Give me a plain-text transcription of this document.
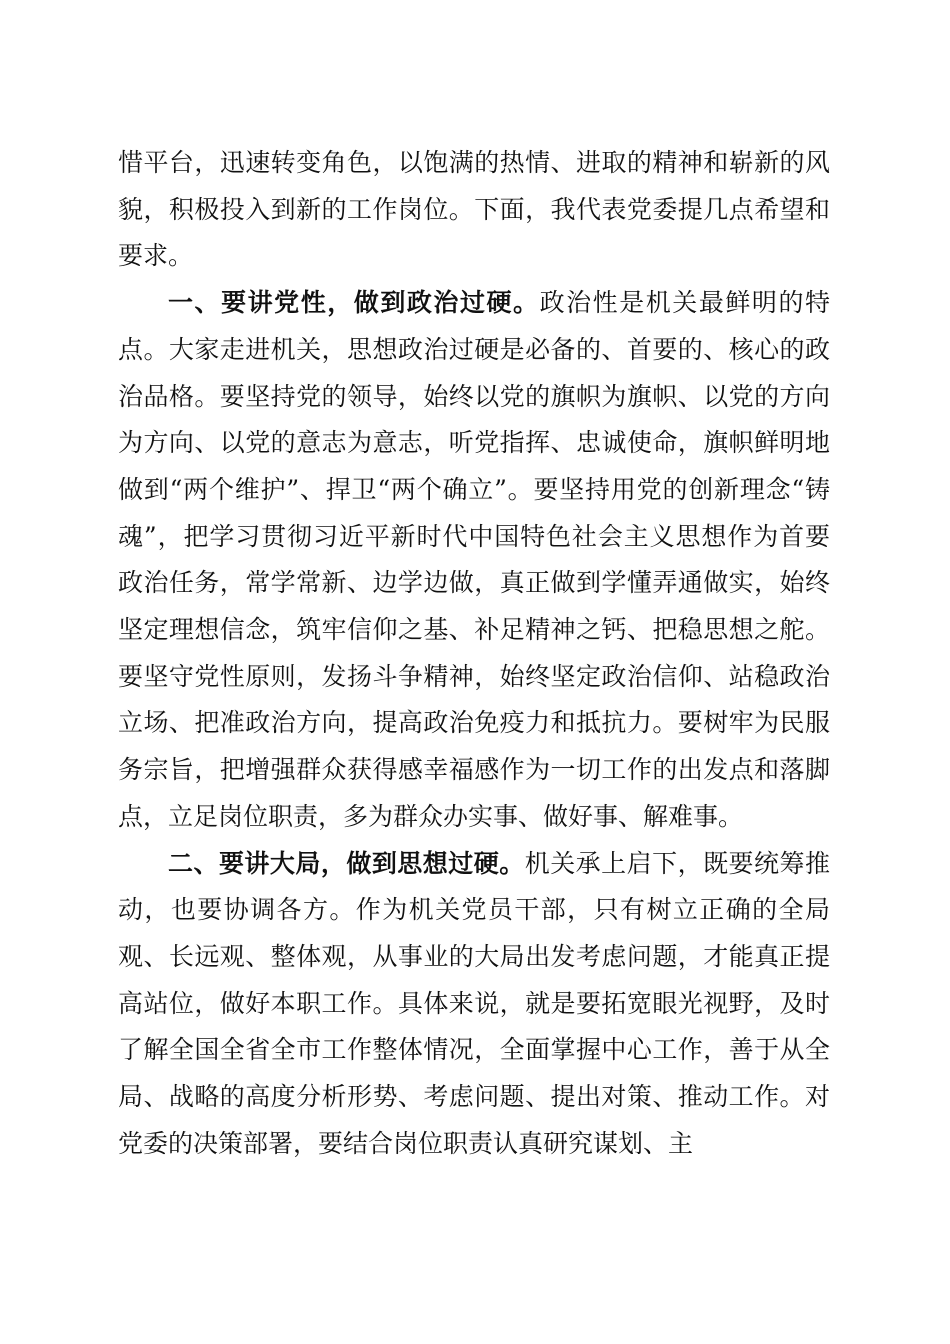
惜平台，迅速转变角色，以饱满的热情、进取的精神和崭新的风貌，积极投入到新的工作岗位。下面，我代表党委提几点希望和要求。

一、要讲党性，做到政治过硬。政治性是机关最鲜明的特点。大家走进机关，思想政治过硬是必备的、首要的、核心的政治品格。要坚持党的领导，始终以党的旗帜为旗帜、以党的方向为方向、以党的意志为意志，听党指挥、忠诚使命，旗帜鲜明地做到“两个维护”、捍卫“两个确立”。要坚持用党的创新理念“铸魂”，把学习贯彻习近平新时代中国特色社会主义思想作为首要政治任务，常学常新、边学边做，真正做到学懂弄通做实，始终坚定理想信念，筑牢信仰之基、补足精神之钙、把稳思想之舵。要坚守党性原则，发扬斗争精神，始终坚定政治信仰、站稳政治立场、把准政治方向，提高政治免疫力和抵抗力。要树牢为民服务宗旨，把增强群众获得感幸福感作为一切工作的出发点和落脚点，立足岗位职责，多为群众办实事、做好事、解难事。

二、要讲大局，做到思想过硬。机关承上启下，既要统筹推动，也要协调各方。作为机关党员干部，只有树立正确的全局观、长远观、整体观，从事业的大局出发考虑问题，才能真正提高站位，做好本职工作。具体来说，就是要拓宽眼光视野，及时了解全国全省全市工作整体情况，全面掌握中心工作，善于从全局、战略的高度分析形势、考虑问题、提出对策、推动工作。对党委的决策部署，要结合岗位职责认真研究谋划、主
